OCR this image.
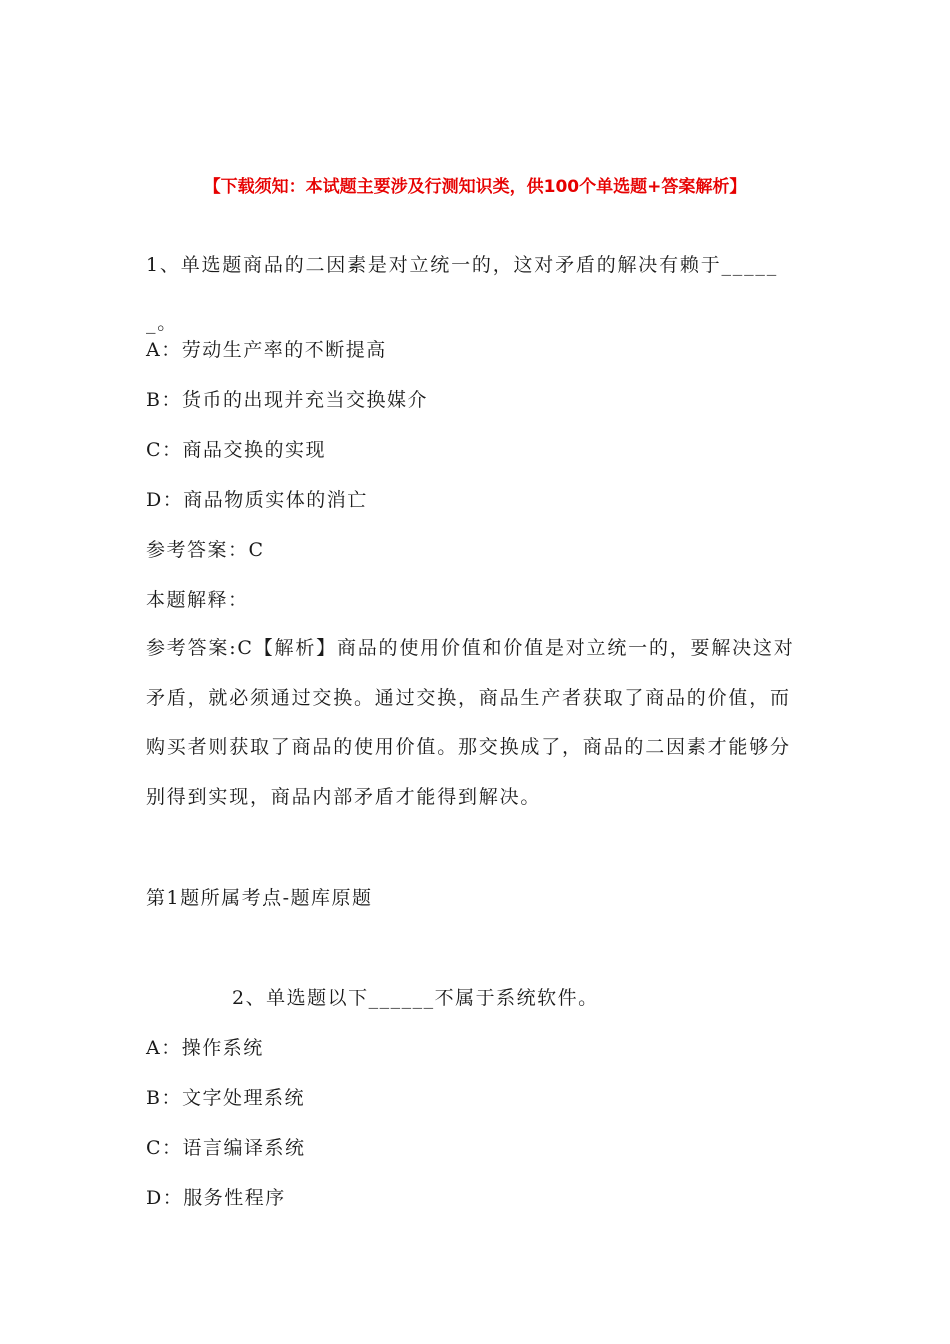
【下载须知：本试题主要涉及行测知识类，供100个单选题+答案解析】
1、单选题商品的二因素是对立统一的，这对矛盾的解决有赖于______。
A：劳动生产率的不断提高
B：货币的出现并充当交换媒介
C：商品交换的实现
D：商品物质实体的消亡
参考答案：C
本题解释：
参考答案:C【解析】商品的使用价值和价值是对立统一的，要解决这对矛盾，就必须通过交换。通过交换，商品生产者获取了商品的价值，而购买者则获取了商品的使用价值。那交换成了，商品的二因素才能够分别得到实现，商品内部矛盾才能得到解决。
第1题所属考点-题库原题
2、单选题以下______不属于系统软件。
A：操作系统
B：文字处理系统
C：语言编译系统
D：服务性程序
